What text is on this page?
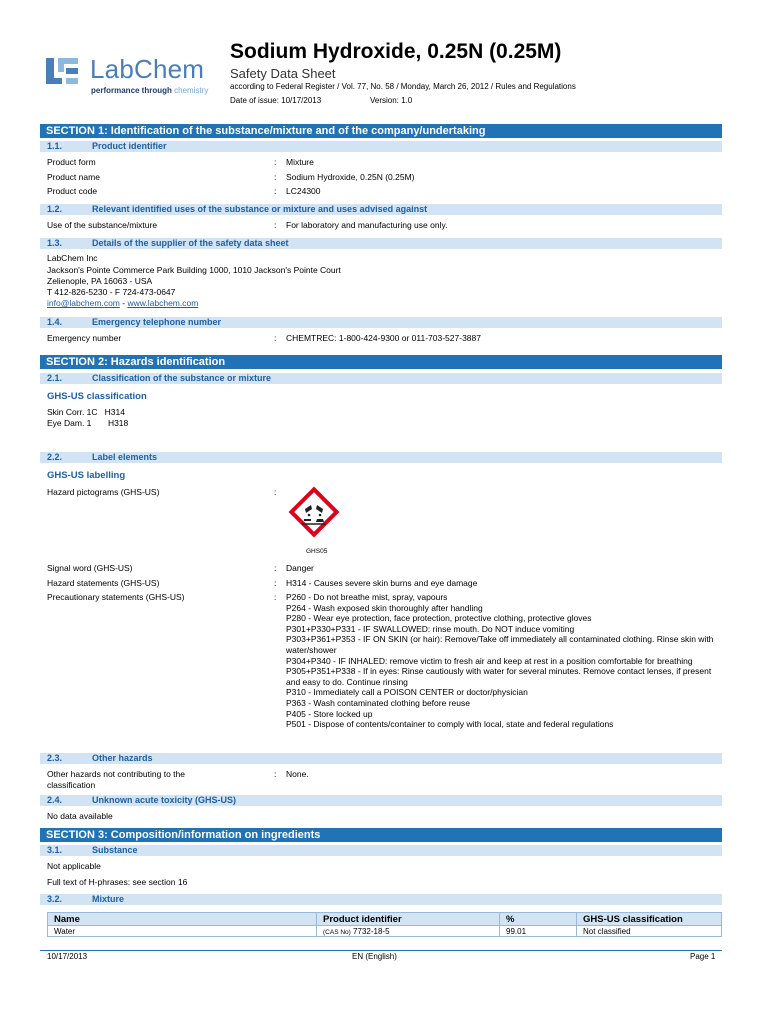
LabChem
performance through chemistry
Sodium Hydroxide, 0.25N (0.25M)
Safety Data Sheet
according to Federal Register / Vol. 77, No. 58 / Monday, March 26, 2012 / Rules and Regulations
Date of issue: 10/17/2013	Version: 1.0
SECTION 1: Identification of the substance/mixture and of the company/undertaking
1.1.	Product identifier
Product form	: Mixture
Product name	: Sodium Hydroxide, 0.25N (0.25M)
Product code	: LC24300
1.2.	Relevant identified uses of the substance or mixture and uses advised against
Use of the substance/mixture	: For laboratory and manufacturing use only.
1.3.	Details of the supplier of the safety data sheet
LabChem Inc
Jackson's Pointe Commerce Park Building 1000, 1010 Jackson's Pointe Court
Zelienople, PA 16063 - USA
T 412-826-5230 - F 724-473-0647
info@labchem.com - www.labchem.com
1.4.	Emergency telephone number
Emergency number	: CHEMTREC: 1-800-424-9300 or 011-703-527-3887
SECTION 2: Hazards identification
2.1.	Classification of the substance or mixture
GHS-US classification
Skin Corr. 1C H314
Eye Dam. 1 H318
2.2.	Label elements
GHS-US labelling
Hazard pictograms (GHS-US)	:
GHS05
Signal word (GHS-US)	: Danger
Hazard statements (GHS-US)	: H314 - Causes severe skin burns and eye damage
Precautionary statements (GHS-US)	:	P260 - Do not breathe mist, spray, vapours
P264 - Wash exposed skin thoroughly after handling
P280 - Wear eye protection, face protection, protective clothing, protective gloves
P301+P330+P331 - IF SWALLOWED: rinse mouth. Do NOT induce vomiting
P303+P361+P353 - IF ON SKIN (or hair): Remove/Take off immediately all contaminated clothing. Rinse skin with water/shower
P304+P340 - IF INHALED: remove victim to fresh air and keep at rest in a position comfortable for breathing
P305+P351+P338 - If in eyes: Rinse cautiously with water for several minutes. Remove contact lenses, if present and easy to do. Continue rinsing
P310 - Immediately call a POISON CENTER or doctor/physician
P363 - Wash contaminated clothing before reuse
P405 - Store locked up
P501 - Dispose of contents/container to comply with local, state and federal regulations
2.3.	Other hazards
Other hazards not contributing to the
classification
: None.
2.4.	Unknown acute toxicity (GHS-US)
No data available
SECTION 3: Composition/information on ingredients
3.1.	Substance
Not applicable
Full text of H-phrases: see section 16
3.2.	Mixture
Name	Product identifier	%	GHS-US classification
Water	(CAS No) 7732-18-5	99.01	Not classified
10/17/2013	EN (English)	Page 1
